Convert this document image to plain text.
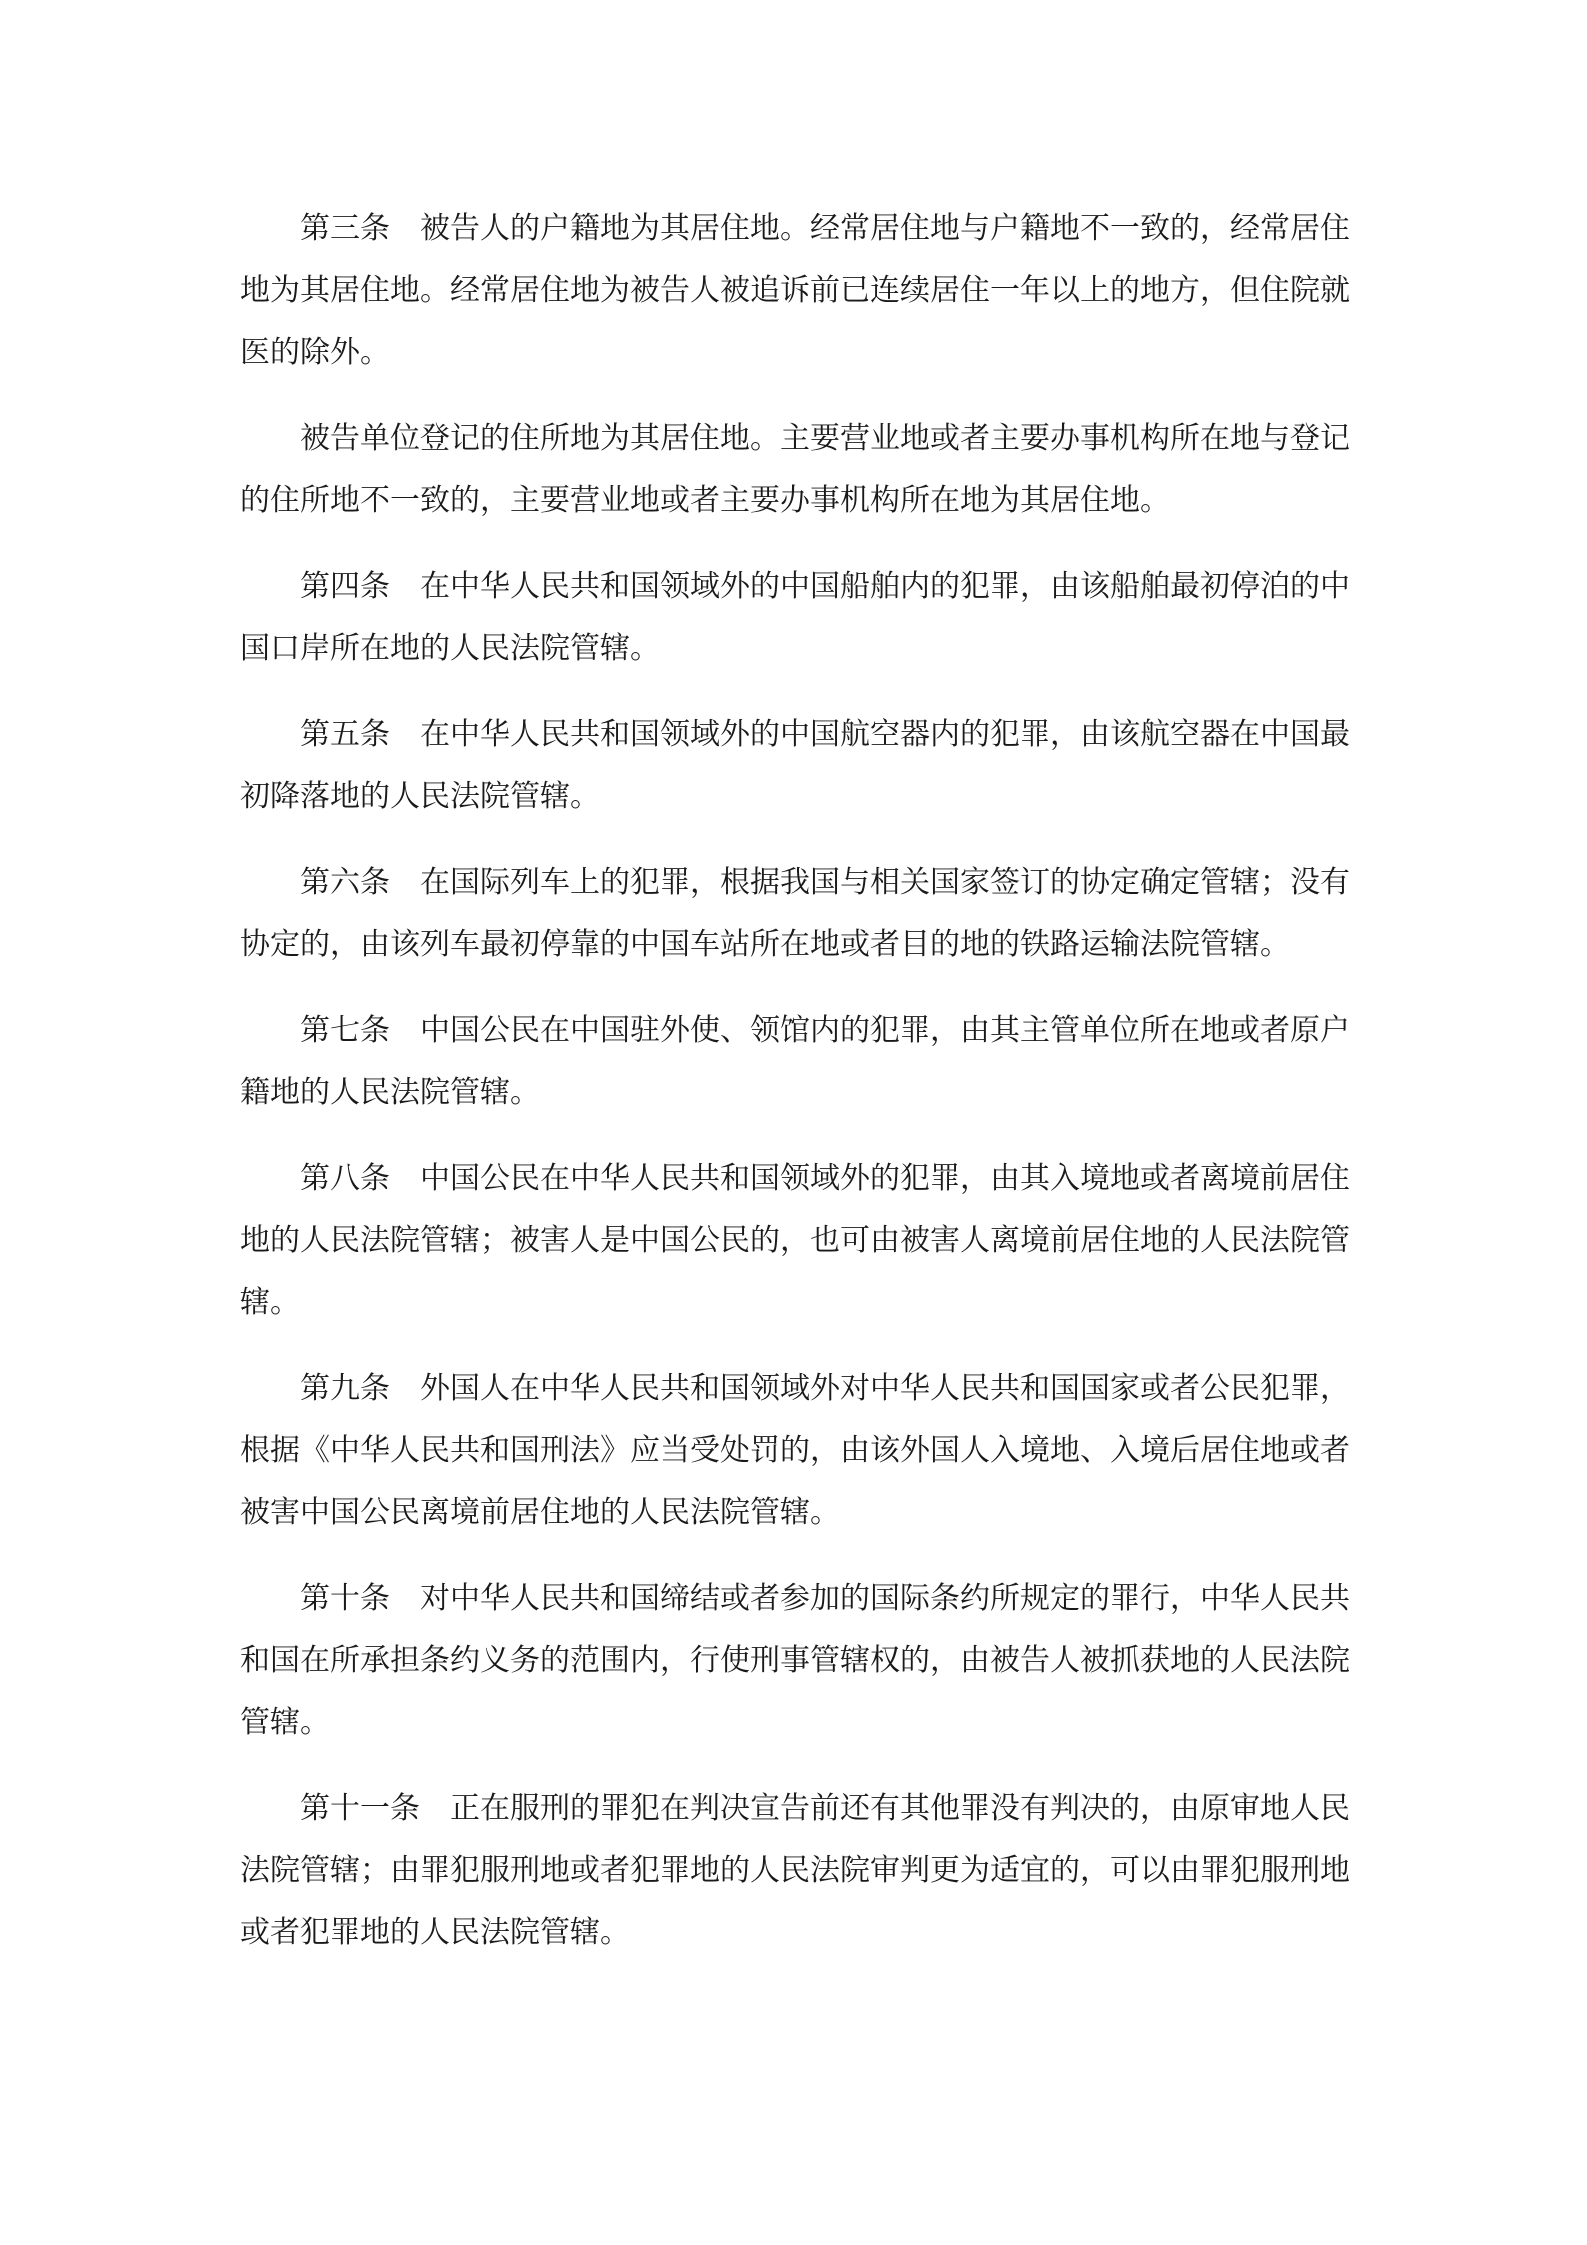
第三条 被告人的户籍地为其居住地。经常居住地与户籍地不一致的，经常居住地为其居住地。经常居住地为被告人被追诉前已连续居住一年以上的地方，但住院就医的除外。

被告单位登记的住所地为其居住地。主要营业地或者主要办事机构所在地与登记的住所地不一致的，主要营业地或者主要办事机构所在地为其居住地。

第四条 在中华人民共和国领域外的中国船舶内的犯罪，由该船舶最初停泊的中国口岸所在地的人民法院管辖。

第五条 在中华人民共和国领域外的中国航空器内的犯罪，由该航空器在中国最初降落地的人民法院管辖。

第六条 在国际列车上的犯罪，根据我国与相关国家签订的协定确定管辖；没有协定的，由该列车最初停靠的中国车站所在地或者目的地的铁路运输法院管辖。

第七条 中国公民在中国驻外使、领馆内的犯罪，由其主管单位所在地或者原户籍地的人民法院管辖。

第八条 中国公民在中华人民共和国领域外的犯罪，由其入境地或者离境前居住地的人民法院管辖；被害人是中国公民的，也可由被害人离境前居住地的人民法院管辖。

第九条 外国人在中华人民共和国领域外对中华人民共和国国家或者公民犯罪，根据《中华人民共和国刑法》应当受处罚的，由该外国人入境地、入境后居住地或者被害中国公民离境前居住地的人民法院管辖。

第十条 对中华人民共和国缔结或者参加的国际条约所规定的罪行，中华人民共和国在所承担条约义务的范围内，行使刑事管辖权的，由被告人被抓获地的人民法院管辖。

第十一条 正在服刑的罪犯在判决宣告前还有其他罪没有判决的，由原审地人民法院管辖；由罪犯服刑地或者犯罪地的人民法院审判更为适宜的，可以由罪犯服刑地或者犯罪地的人民法院管辖。
